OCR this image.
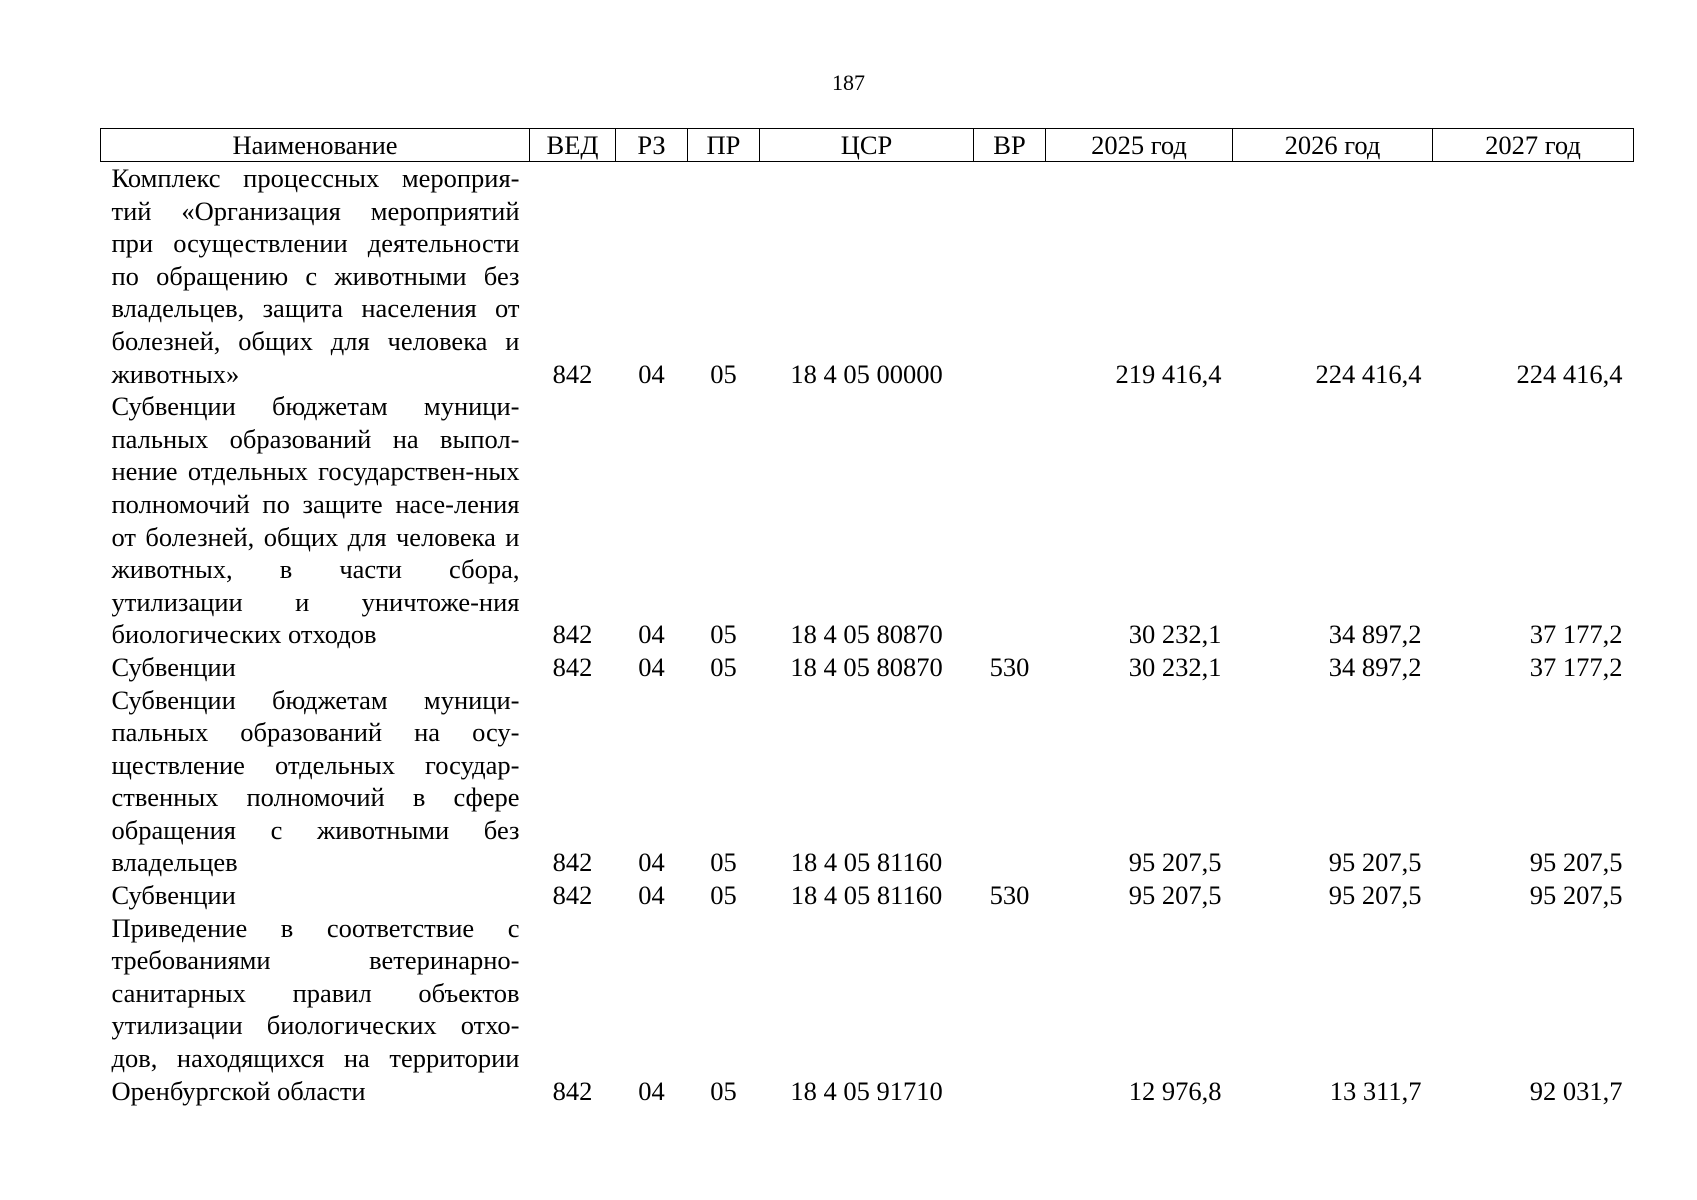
187
Наименование	ВЕД	РЗ	ПР	ЦСР	ВР	2025 год	2026 год	2027 год
Комплекс процессных мероприя-тий «Организация мероприятий при осуществлении деятельности по обращению с животными без владельцев, защита населения от болезней, общих для человека и животных»	842	04	05	18 4 05 00000		219 416,4	224 416,4	224 416,4
Субвенции бюджетам муници-пальных образований на выпол-нение отдельных государствен-ных полномочий по защите насе-ления от болезней, общих для человека и животных, в части сбора, утилизации и уничтоже-ния биологических отходов	842	04	05	18 4 05 80870		30 232,1	34 897,2	37 177,2
Субвенции	842	04	05	18 4 05 80870	530	30 232,1	34 897,2	37 177,2
Субвенции бюджетам муници-пальных образований на осу-ществление отдельных государ-ственных полномочий в сфере обращения с животными без владельцев	842	04	05	18 4 05 81160		95 207,5	95 207,5	95 207,5
Субвенции	842	04	05	18 4 05 81160	530	95 207,5	95 207,5	95 207,5
Приведение в соответствие с требованиями ветеринарно-санитарных правил объектов утилизации биологических отхо-дов, находящихся на территории Оренбургской области	842	04	05	18 4 05 91710		12 976,8	13 311,7	92 031,7
